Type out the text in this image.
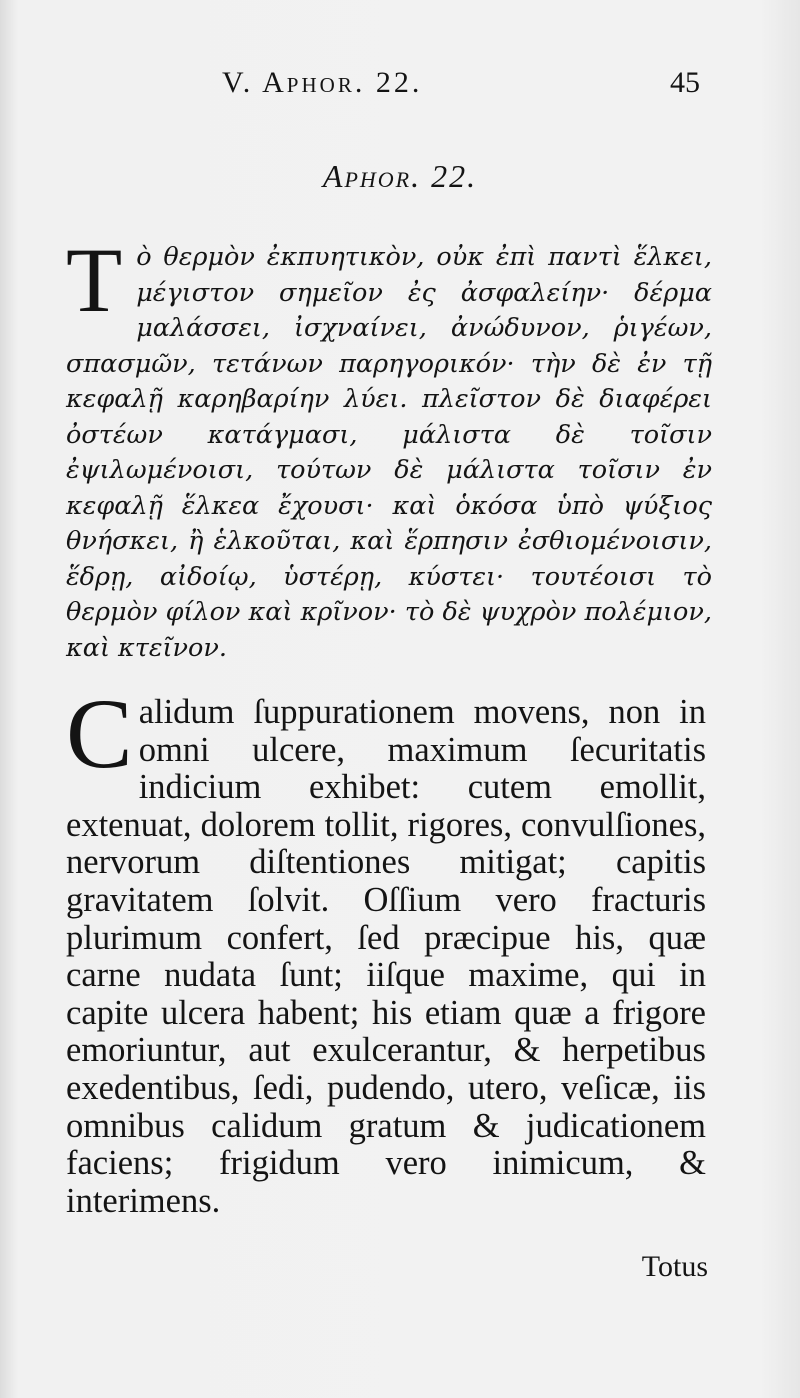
V. Aphor. 22.	45
Aphor. 22.
Τ ὸ θερμὸν ἐκπυητικὸν, οὐκ ἐπὶ παντὶ ἕλκει, μέγιστον σημεῖον ἐς ἀσφαλείην· δέρμα μαλάσσει, ἰσχναίνει, ἀνώδυνον, ῥιγέων, σπασμῶν, τετάνων παρηγορικόν· τὴν δὲ ἐν τῇ κεφαλῇ καρηβαρίην λύει. πλεῖστον δὲ διαφέρει ὀστέων κατάγμασι, μάλιστα δὲ τοῖσιν ἐψιλωμένοισι, τούτων δὲ μάλιστα τοῖσιν ἐν κεφαλῇ ἕλκεα ἔχουσι· καὶ ὁκόσα ὑπὸ ψύξιος θνήσκει, ἢ ἑλκοῦται, καὶ ἕρπησιν ἐσθιομένοισιν, ἕδρῃ, αἰδοίῳ, ὑστέρῃ, κύστει· τουτέοισι τὸ θερμὸν φίλον καὶ κρῖνον· τὸ δὲ ψυχρὸν πολέμιον, καὶ κτεῖνον.
C alidum ſuppurationem movens, non in omni ulcere, maximum ſecuritatis indicium exhibet: cutem emollit, extenuat, dolorem tollit, rigores, convulſiones, nervorum diſtentiones mitigat; capitis gravitatem ſolvit. Oſſium vero fracturis plurimum confert, ſed præcipue his, quæ carne nudata ſunt; iiſque maxime, qui in capite ulcera habent; his etiam quæ a frigore emoriuntur, aut exulcerantur, & herpetibus exedentibus, ſedi, pudendo, utero, veſicæ, iis omnibus calidum gratum & judicationem faciens; frigidum vero inimicum, & interimens.
Totus
